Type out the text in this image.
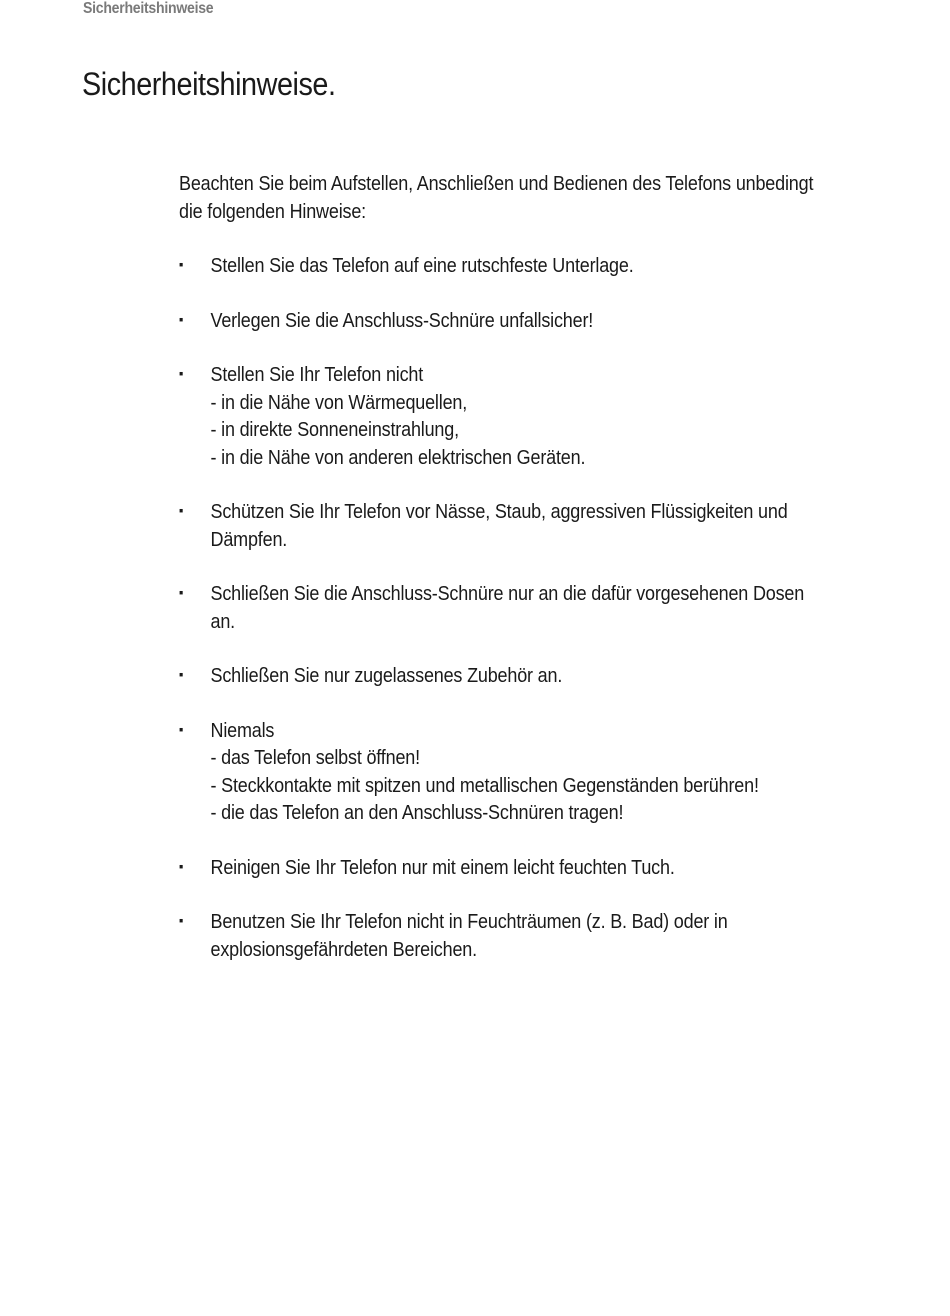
Sicherheitshinweise
Sicherheitshinweise.

Beachten Sie beim Aufstellen, Anschließen und Bedienen des Telefons unbedingt
die folgenden Hinweise:

▪ Stellen Sie das Telefon auf eine rutschfeste Unterlage.
▪ Verlegen Sie die Anschluss-Schnüre unfallsicher!
▪ Stellen Sie Ihr Telefon nicht
- in die Nähe von Wärmequellen,
- in direkte Sonneneinstrahlung,
- in die Nähe von anderen elektrischen Geräten.
▪ Schützen Sie Ihr Telefon vor Nässe, Staub, aggressiven Flüssigkeiten und
Dämpfen.
▪ Schließen Sie die Anschluss-Schnüre nur an die dafür vorgesehenen Dosen
an.
▪ Schließen Sie nur zugelassenes Zubehör an.
▪ Niemals
- das Telefon selbst öffnen!
- Steckkontakte mit spitzen und metallischen Gegenständen berühren!
- die das Telefon an den Anschluss-Schnüren tragen!
▪ Reinigen Sie Ihr Telefon nur mit einem leicht feuchten Tuch.
▪ Benutzen Sie Ihr Telefon nicht in Feuchträumen (z. B. Bad) oder in
explosionsgefährdeten Bereichen.
